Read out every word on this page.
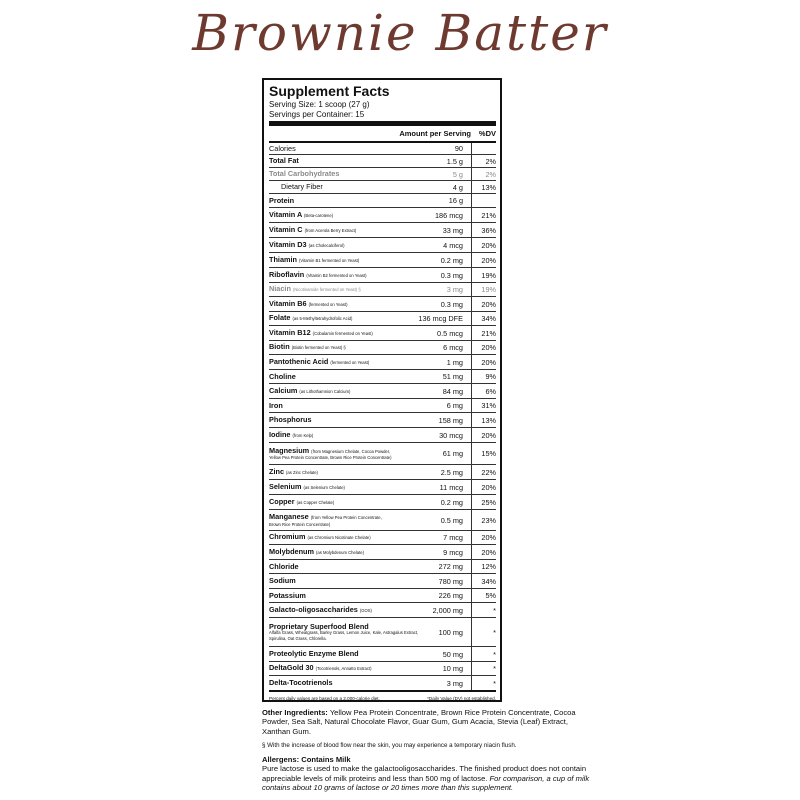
Brownie Batter
Supplement Facts
Serving Size: 1 scoop (27 g)
Servings per Container: 15
Amount per Serving	%DV
Calories	90
Total Fat	1.5 g	2%
Total Carbohydrates	5 g	2%
Dietary Fiber	4 g	13%
Protein	16 g
Vitamin A (Beta-carotene)	186 mcg	21%
Vitamin C (from Acerola Berry Extract)	33 mg	36%
Vitamin D3 (as Cholecalciferol)	4 mcg	20%
Thiamin (Vitamin B1 fermented on Yeast)	0.2 mg	20%
Riboflavin (Vitamin B2 fermented on Yeast)	0.3 mg	19%
Niacin (Nicotinamide fermented on Yeast) §	3 mg	19%
Vitamin B6 (fermented on Yeast)	0.3 mg	20%
Folate (as 5-Methyltetrahydrofolic Acid)	136 mcg DFE	34%
Vitamin B12 (Cobalamin fermented on Yeast)	0.5 mcg	21%
Biotin (Biotin fermented on Yeast) §	6 mcg	20%
Pantothenic Acid (fermented on Yeast)	1 mg	20%
Choline	51 mg	9%
Calcium (as Lithothamnion Calcium)	84 mg	6%
Iron	6 mg	31%
Phosphorus	158 mg	13%
Iodine (from Kelp)	30 mcg	20%
Magnesium (from Magnesium Chelate, Cocoa Powder,
Yellow Pea Protein Concentrate, Brown Rice Protein Concentrate)	61 mg	15%
Zinc (as Zinc Chelate)	2.5 mg	22%
Selenium (as Selenium Chelate)	11 mcg	20%
Copper (as Copper Chelate)	0.2 mg	25%
Manganese (from Yellow Pea Protein Concentrate,
Brown Rice Protein Concentrate)	0.5 mg	23%
Chromium (as Chromium Nicotinate Chelate)	7 mcg	20%
Molybdenum (as Molybdenum Chelate)	9 mcg	20%
Chloride	272 mg	12%
Sodium	780 mg	34%
Potassium	226 mg	5%
Galacto-oligosaccharides (GOS)	2,000 mg	*
Proprietary Superfood Blend
Alfalfa Grass, Wheatgrass, Barley Grass, Lemon Juice, Kale, Astragalus Extract, Spirulina, Oat Grass, Chlorella.
100 mg	*
Proteolytic Enzyme Blend	50 mg	*
DeltaGold 30 (Tocotrienols, Annatto Extract)	10 mg	*
Delta-Tocotrienols	3 mg	*
Percent daily values are based on a 2,000-calorie diet.	*Daily Value (DV) not established.

Other Ingredients: Yellow Pea Protein Concentrate, Brown Rice Protein Concentrate, Cocoa Powder, Sea Salt, Natural Chocolate Flavor, Guar Gum, Gum Acacia, Stevia (Leaf) Extract, Xanthan Gum.

§ With the increase of blood flow near the skin, you may experience a temporary niacin flush.

Allergens: Contains Milk

Pure lactose is used to make the galactooligosaccharides. The finished product does not contain appreciable levels of milk proteins and less than 500 mg of lactose. For comparison, a cup of milk contains about 10 grams of lactose or 20 times more than this supplement.
